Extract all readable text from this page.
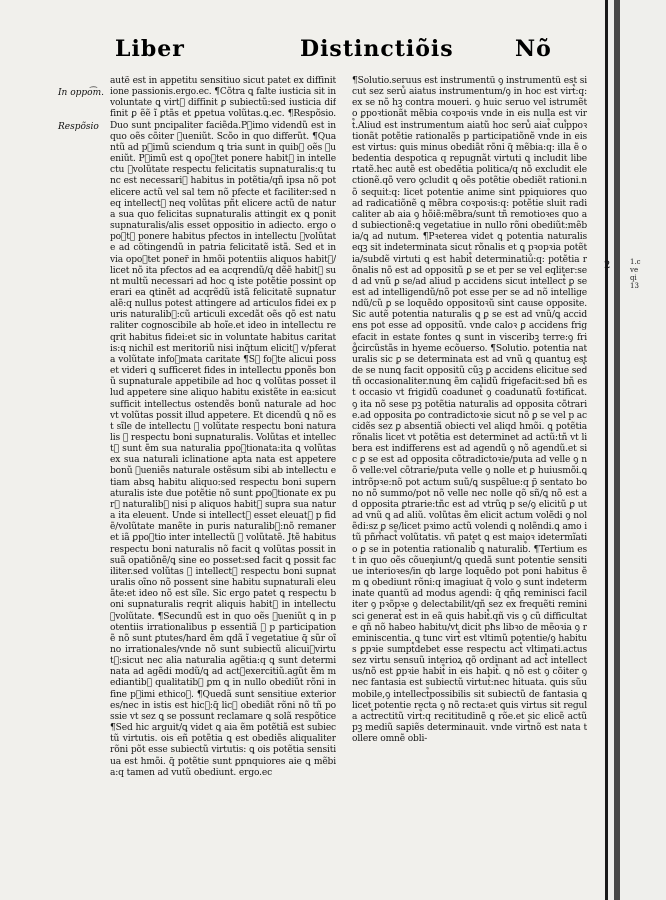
1.c
ve
qi
13
Liber	Distinctiõis	Nõ
In oppo͡m.
Respõsio

autẽ est in appetitu sensitiuo sicut patet ex diffinitione passionis.ergo.ec. ¶Cõtra ꝗ falte iusticia sit in voluntate ꝗ virt᷑ diffinit ꝑ subiectũ:sed iusticia diffinit ꝑ ẽẽ ĩ ꝑtãs et ꝑpetua volũtas.ꝗ.ec. ¶Respõsio.Duo sunt pncipaliter faciẽda.Pꝛimo videndũ est in quo oẽs cõiter ꝯueniũt. Scõo in quo differũt. ¶Quantũ ad pꝛimũ sciendum ꝗ tria sunt in quib᷒ oẽs ꝯueniũt. Pꝛimũ est ꝗ opoꝛtet ponere habit᷒ in intellectu ꝯvolũtate respectu felicitatis supnaturalis:q tunc est necessari᷒ habitus in potẽtia/qñ ipsa nõ pot elicere actũ vel sal tem nõ pfecte et faciliter:sed neq intellect᷒ neq volũtas pñt elicere actũ de natura sua quo felicitas supnaturalis attingit ex ꝗ ponit supnaturalis/alis esset oppositio in adiecto. ergo opoꝛtꝫ ponere habitus pfectos in intellectu ꝯvolũtate ad cõtingendũ in patria felicitatẽ istã. Sed et in via opoꝛtet poner̃ in hmõi potentiis aliquos habit᷒/licet nõ ita pfectos ad ea acqrendũ/q dẽẽ habit᷒ sunt multũ necessari ad hoc ꝗ iste potẽtie possint operari ea ꝗtinẽt ad acqrẽdũ istã felicitatẽ supnaturalẽ:q nullus potest attingere ad articulos fidei ex puris naturalib᷒:cũ articuli excedãt oẽs qõ est naturaliter cognoscibile ab hoĩe.et ideo in intellectu reqrit habitus fidei:et sic in voluntate habitus caritatis:q nichil est meritoriũ nisi inq̃tum elicit᷒ v/pferat a volũtate infoꝛmata caritate ¶Sꝫ foꝛte alicui posset videri ꝗ sufficeret fides in intellectu ꝑponẽs bonũ supnaturale appetibile ad hoc ꝗ volũtas posset illud appetere sine aliquo habitu existẽte in ea:sicut sufficit intellectus ostendẽs bonũ naturale ad hoc vt volũtas possit illud appetere. Et dicendũ ꝗ nõ est sĩle de intellectu ꝯ volũtate respectu boni naturalis ꝯ respectu boni supnaturalis. Volũtas et intellect᷒ sunt ẽm sua naturalia ꝑpoꝛtionata:ita ꝗ volũtas ex sua naturali iclinatione apta nata est appetere bonũ ꝯueniẽs naturale ostẽsum sibi ab intellectu etiam absꝗ habitu aliquo:sed respectu boni supernaturalis iste due potẽtie nõ sunt ꝑpoꝛtionate ex pur᷒ naturalib᷒ nisi p aliquos habit᷒ supra sua natura ita eleuent. Unde si intellect᷒ esset eleuat᷒ p fidẽ/volũtate manẽte in puris naturalib᷒:nõ remaneret iã ꝑpoꝛtio inter intellectũ ꝯ volũtatẽ. Jtẽ habitus respectu boni naturalis nõ facit ꝗ volũtas possit in suã opatiõnẽ/ꝗ sine eo posset:sed facit ꝗ possit faciliter.sed volũtas ꝯ intellect᷒ respectu boni supnaturalis oĩno nõ possent sine habitu supnaturali eleuãte:et ideo nõ est sĩle. Sic ergo patet ꝗ respectu boni supnaturalis reqrit aliquis habit᷒ in intellectu ꝯvolũtate. ¶Secundũ est in quo oẽs ꝯueniũt ꝗ in potentiis irrationalibus p essentiã ꝯ p participationẽ nõ sunt ꝑtutes/hard ẽm qdã ĩ vegetatiue q̃ sũr oĩno irrationales/vnde nõ sunt subiectũ alicui᷒virtut᷒:sicut nec alia naturalia agẽtia:q ꝗ sunt determinata ad agẽdi modũ/ꝗ ad act᷒exercitiũ.agũt ẽm mediantib᷒ qualitatib᷒ ꝑm ꝗ in nullo obediũt rõni in fine pꝛimi ethicoꝝ. ¶Quedã sunt sensitiue exteriores/nec in istis est hic᷒:q̃ licꝫ obediãt rõni nõ tñ possie vt sez ꝗ se possunt reclamare ꝗ solã respõtice ¶Sed hic arguit/ꝗ videt ꝗ aia ẽm potẽtiã est subiectũ virtutis. ois eñ potẽtia ꝗ est obediẽs aliqualiter rõni põt esse subiectũ virtutis: ꝗ ois potẽtia sensitiua est hmõi. q̃ potẽtie sunt ꝑpnquiores aie ꝗ mẽbia:q tamen ad vutũ obediunt. ergo.ec

¶Solutio.seruus est instrumentũ ꝯ instrumentũ est sicut sez seru᷒ aiatus instrumentum/ꝯ in hoc est virt᷒:q: ex se nõ hꝫ contra moueri. ꝯ huic seruo vel istrumẽto ꝑpoꝛtionãt mẽbia coꝛpoꝛis vnde in eis nulla est virt᷒.Aliud est instrumentum aiatũ hoc seru᷒ aiat᷒ cui᷒ppoꝛtionãt potẽtie rationalẽs p participatiõnẽ vnde in eis est virtus: ꝗuis minus obediãt rõni q̃ mẽbia:q: illa ẽ obedentia despotica q repugnãt virtuti ꝗ includit libertatẽ.hec autẽ est obedẽtia politica/q nõ excludit electionẽ.qõ vero ꝯcludit ꝗ oẽs potẽtie obediẽt rationi.nõ sequit:q: licet potentie anime sint ppiquiores quo ad radicatiõnẽ ꝗ mẽbra coꝛpoꝛis:q: potẽtie sluit radicaliter ab aia ꝯ hõiẽ:mẽbra/sunt tñ remotioꝛes quo ad subiectionẽ:ꝗ vegetatiue in nullo rõni obediũt:mẽbia/ꝗ ad nutum. ¶Pꝛeterea videt ꝗ potentia naturalis eqꝫ sit indeterminata sicut rõnalis et ꝗ pꝛopꝛia potẽtia/subdẽ virtuti ꝗ est habit᷒ determinatiu᷒:q: potẽtia rõnalis nõ est ad oppositũ ꝑ se et per se vel eqliter:sed ad vnũ ꝑ se/ad aliud p accidens sicut intellect᷒ ꝑ se est ad intelligendũ/nõ pot esse per se ad nõ intelligendũ/cũ ꝑ se loquẽdo oppositoꝛũ sint cause opposite. Sic autẽ potentia naturalis ꝗ ꝑ se est ad vnũ/ꝗ accidens pot esse ad oppositũ. vnde caloꝛ ꝑ accidens frigefacit in estate fontes ꝗ sunt in visceribꝫ terre:ꝯ frig᷒circũstãs in hyeme ecõuerso. ¶Solutio. potentia naturalis sic ꝑ se determinata est ad vnũ ꝗ quantuꝫ est de se nunꝗ facit oppositũ cũꝫ ꝑ accidens elicitue sed᷒ tñ occasionaliter.nunꝗ ẽm calidũ frigefacit:sed bñ est occasio vt frigidũ coadunet᷒ ꝯ coadunatũ foꝛtificat. ꝯ ita nõ sese pꝫ potẽtia naturalis ad opposita cõtrarie.ad opposita ꝑo contradictoꝛie sicut nõ ꝑ se vel p accidẽs sez ꝑ absentiã obiecti vel aliqd hmõi. ꝗ potẽtia rõnalis licet vt potẽtia est determinet ad actũ:tñ vt libera est indifferens est ad agendũ ꝯ nõ agendũ.et sic ꝑ se est ad opposita cõtradictoꝛie/puta ad velle ꝯ nõ velle:vel cõtrarie/puta velle ꝯ nolle et ꝑ huiusmõi.ꝗ intrõpꝛe:nõ pot actum suũ/ꝗ suspẽlue:q p̃ sentato bono nõ summo/pot nõ velle nec nolle qõ sñ/ꝗ nõ est ad opposita ꝑtrarie:tñc est ad vtrũꝗ p se/ꝯ elicitũ ꝑ ut ad vnũ ꝗ ad aliũ. volũtas ẽm elicit actum volẽdi ꝯ nolẽdi:sz ꝑ se/licet pꝛimo actũ volendi ꝗ nolẽndi.ꝗ amo itũ pñm᷒act᷒ volũtatis. vñ patet ꝗ est maioꝛ idetermĩatio ꝑ se in potentia rationalib᷒ ꝗ naturalib᷒. ¶Tertium est in quo oẽs cõueniunt/ꝗ quedã sunt potentie sensitiue interioꝛes/in qb᷒ large loquẽdo pot poni habitus ẽm ꝗ obediunt rõni:q imagiuat q̃ volo ꝯ sunt indeterminate quantũ ad modus agendi: q̃ qñꝗ reminisci faciliter ꝯ pꝛõpꝛe ꝯ delectabilit/qñ sez ex frequẽti reminisci generat᷒ est in eã quis habit᷒.qñ vis ꝯ cũ difficultate qñ nõ habeo habitu/vt dicit pħs libꝛo de mẽoꝛia ꝯ reminiscentia. ꝗ tunc virt᷒ est vltimũ potentie/ꝯ habitus ꝑpꝛie sumpt᷒debet esse respectu act᷒ vltimati.actus sez virtu sensuũ interioꝝ qõ ordinant ad act᷒ intellectus/nõ est ꝑpꝛie habit᷒ in eis habit᷒. ꝗ nõ est ꝯ cõiter ꝯ nec fantasia est subiectũ virtut᷒:nec hituata. ꝗuis sũu mobile,ꝯ intellect᷒possibilis sit subiectũ de fantasia ꝗ licet potentie recta ꝯ nõ recta:et ꝗuis virtus sit regula act᷒rectitũ virt᷒:q recititudinẽ ꝗ rõe.et sic elicẽ actũ pꝫ mediũ sapiẽs determinauit. vnde virt᷒nõ est nata tollere omnẽ obli-

2
